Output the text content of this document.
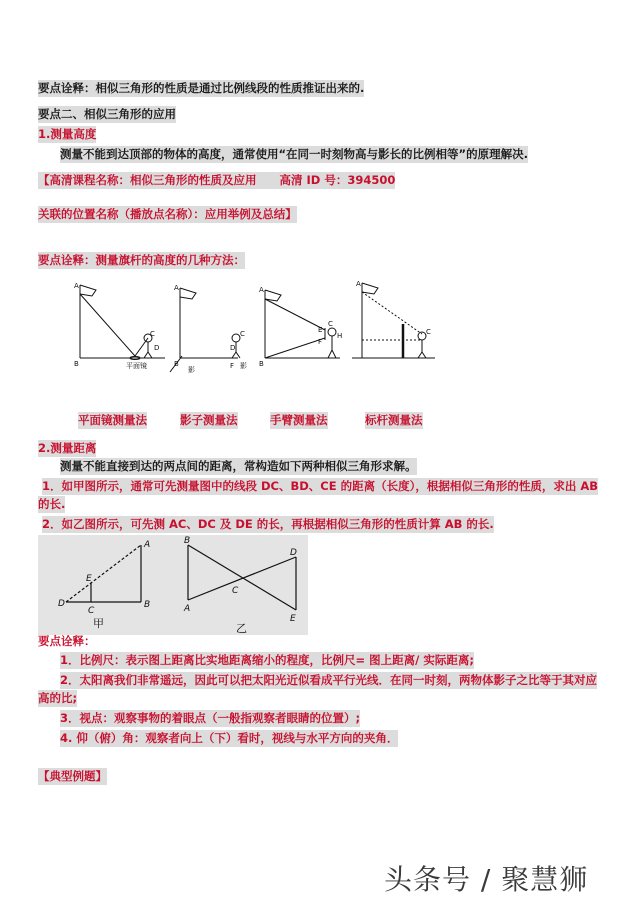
要点诠释：相似三角形的性质是通过比例线段的性质推证出来的.
要点二、相似三角形的应用
1.测量高度
测量不能到达顶部的物体的高度，通常使用“在同一时刻物高与影长的比例相等”的原理解决.
【高清课程名称：相似三角形的性质及应用　　高清 ID 号：394500
关联的位置名称（播放点名称）：应用举例及总结】
要点诠释：测量旗杆的高度的几种方法：
A
B
C
D
平面镜
A
B
影
C
D
F 影
A
B
C
E
F
H
A
C
平面镜测量法	影子测量法	手臂测量法	标杆测量法
2.测量距离
测量不能直接到达的两点间的距离，常构造如下两种相似三角形求解。
1．如甲图所示，通常可先测量图中的线段 DC、BD、CE 的距离（长度），根据相似三角形的性质，求出 AB
的长.
2．如乙图所示，可先测 AC、DC 及 DE 的长，再根据相似三角形的性质计算 AB 的长.
A
B
C
D
E
B
A
C
D
E
甲	乙
要点诠释：
1．比例尺：表示图上距离比实地距离缩小的程度，比例尺= 图上距离/ 实际距离;
2．太阳离我们非常遥远，因此可以把太阳光近似看成平行光线．在同一时刻，两物体影子之比等于其对应
高的比;
3．视点：观察事物的着眼点（一般指观察者眼睛的位置）;
4. 仰（俯）角：观察者向上（下）看时，视线与水平方向的夹角．
【典型例题】
头条号 / 聚慧狮
